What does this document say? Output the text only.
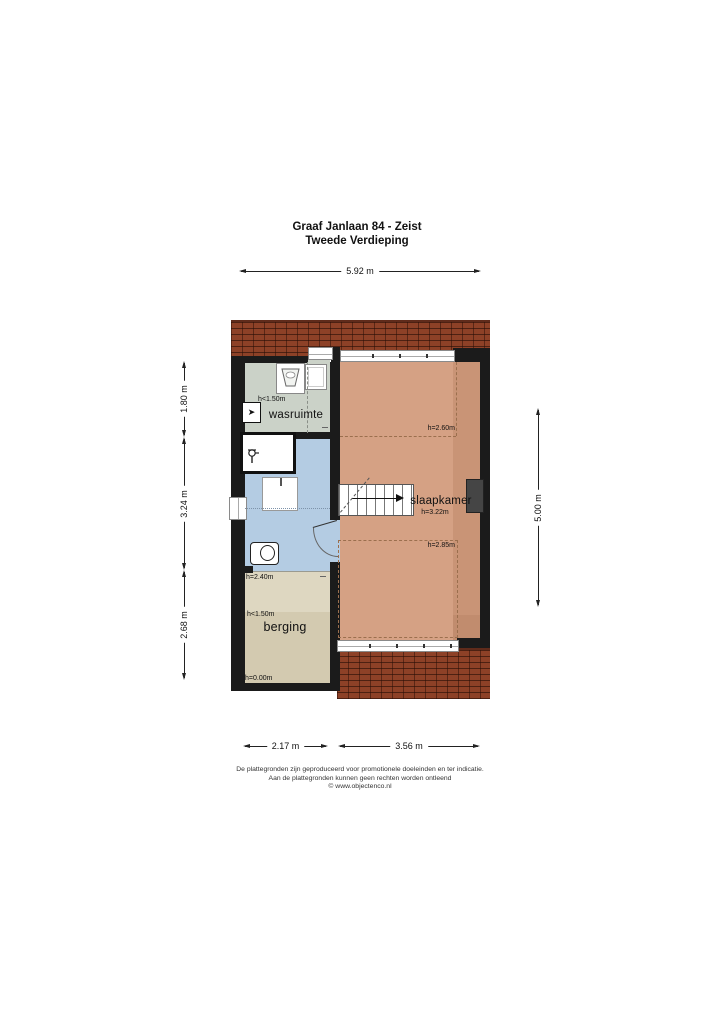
Graaf Janlaan 84 - Zeist
Tweede Verdieping
5.92 m
1.80 m
3.24 m
2.68 m
5.00 m
2.17 m	3.56 m
➤	wasruimte
h<1.50m
slaapkamer
h=3.22m
h=2.60m
h=2.85m
berging
h=2.40m
h<1.50m
h=0.00m
De plattegronden zijn geproduceerd voor promotionele doeleinden en ter indicatie.
Aan de plattegronden kunnen geen rechten worden ontleend
© www.objectenco.nl
